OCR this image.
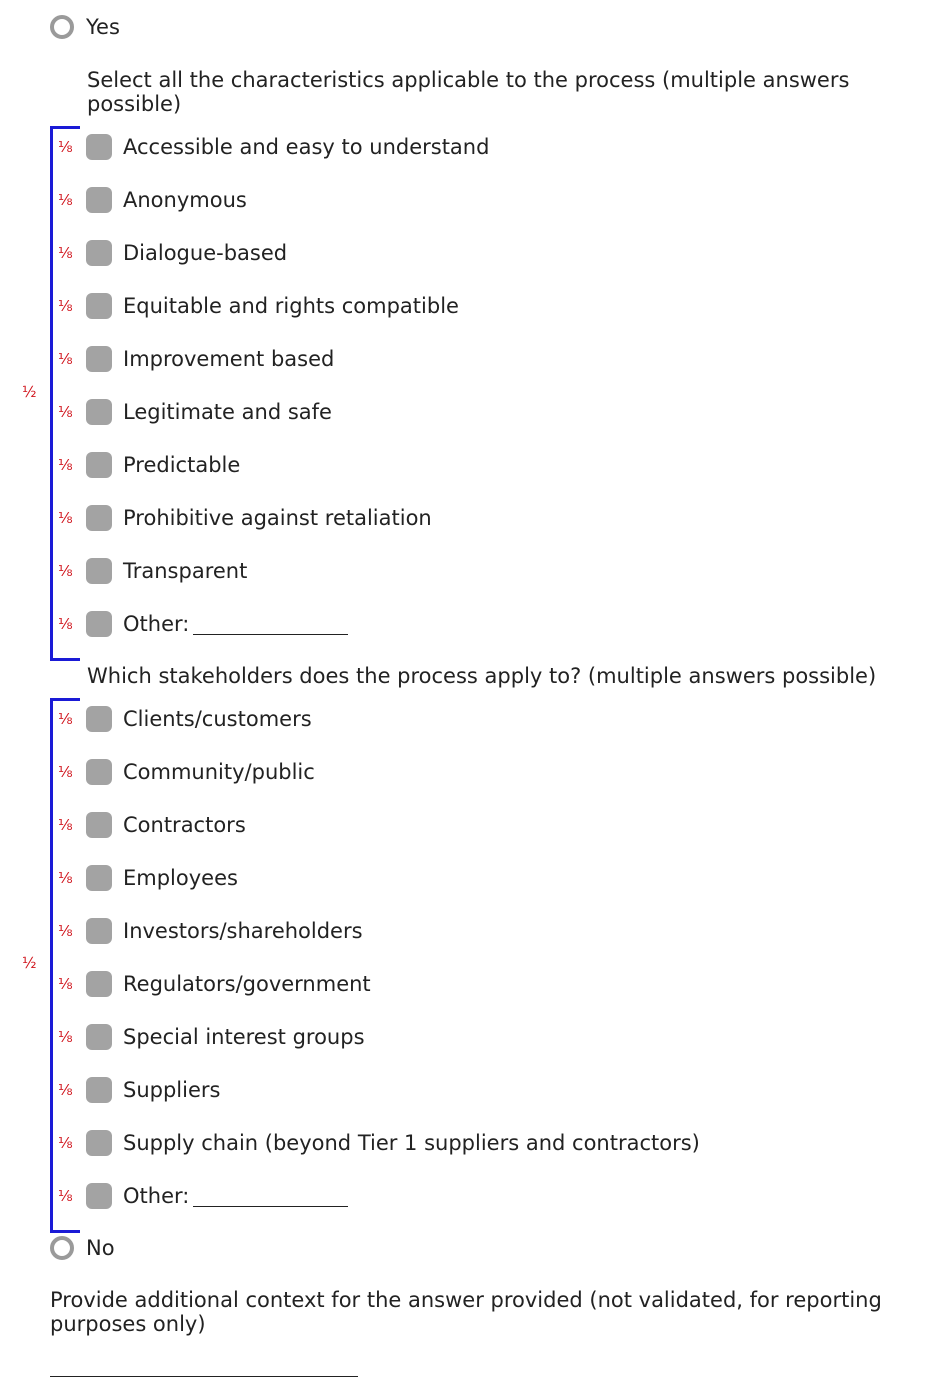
Yes
Select all the characteristics applicable to the process (multiple answers possible)
½
⅛	Accessible and easy to understand
⅛	Anonymous
⅛	Dialogue-based
⅛	Equitable and rights compatible
⅛	Improvement based
⅛	Legitimate and safe
⅛	Predictable
⅛	Prohibitive against retaliation
⅛	Transparent
⅛	Other:
Which stakeholders does the process apply to? (multiple answers possible)
½
⅛	Clients/customers
⅛	Community/public
⅛	Contractors
⅛	Employees
⅛	Investors/shareholders
⅛	Regulators/government
⅛	Special interest groups
⅛	Suppliers
⅛	Supply chain (beyond Tier 1 suppliers and contractors)
⅛	Other:
No
Provide additional context for the answer provided (not validated, for reporting purposes only)
